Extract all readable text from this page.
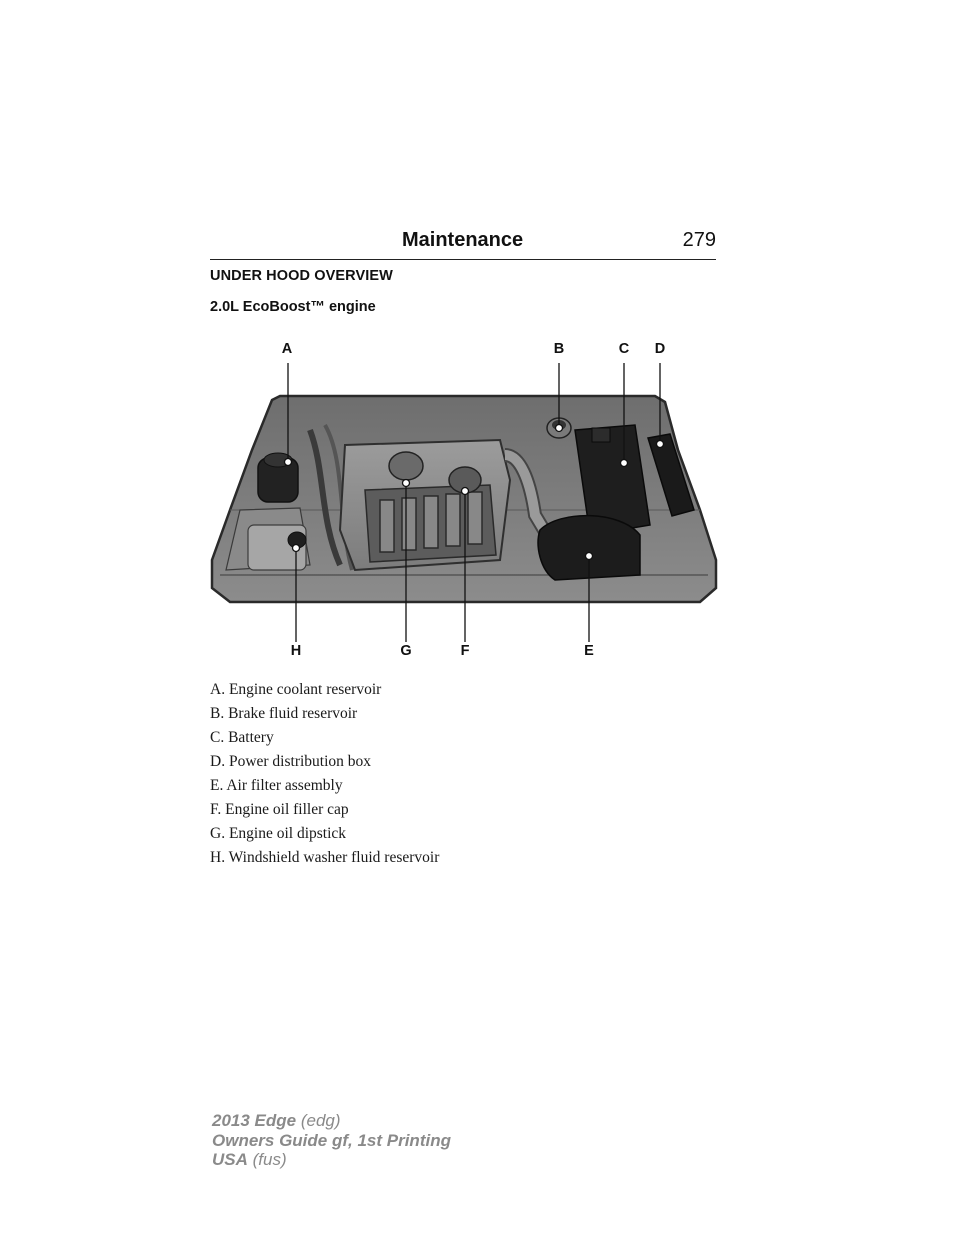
Maintenance	279
UNDER HOOD OVERVIEW
2.0L EcoBoost™ engine
A	B	C D
E
F
G
H
A. Engine coolant reservoir
B. Brake fluid reservoir
C. Battery
D. Power distribution box
E. Air filter assembly
F. Engine oil filler cap
G. Engine oil dipstick
H. Windshield washer fluid reservoir
2013 Edge (edg)
Owners Guide gf, 1st Printing
USA (fus)
